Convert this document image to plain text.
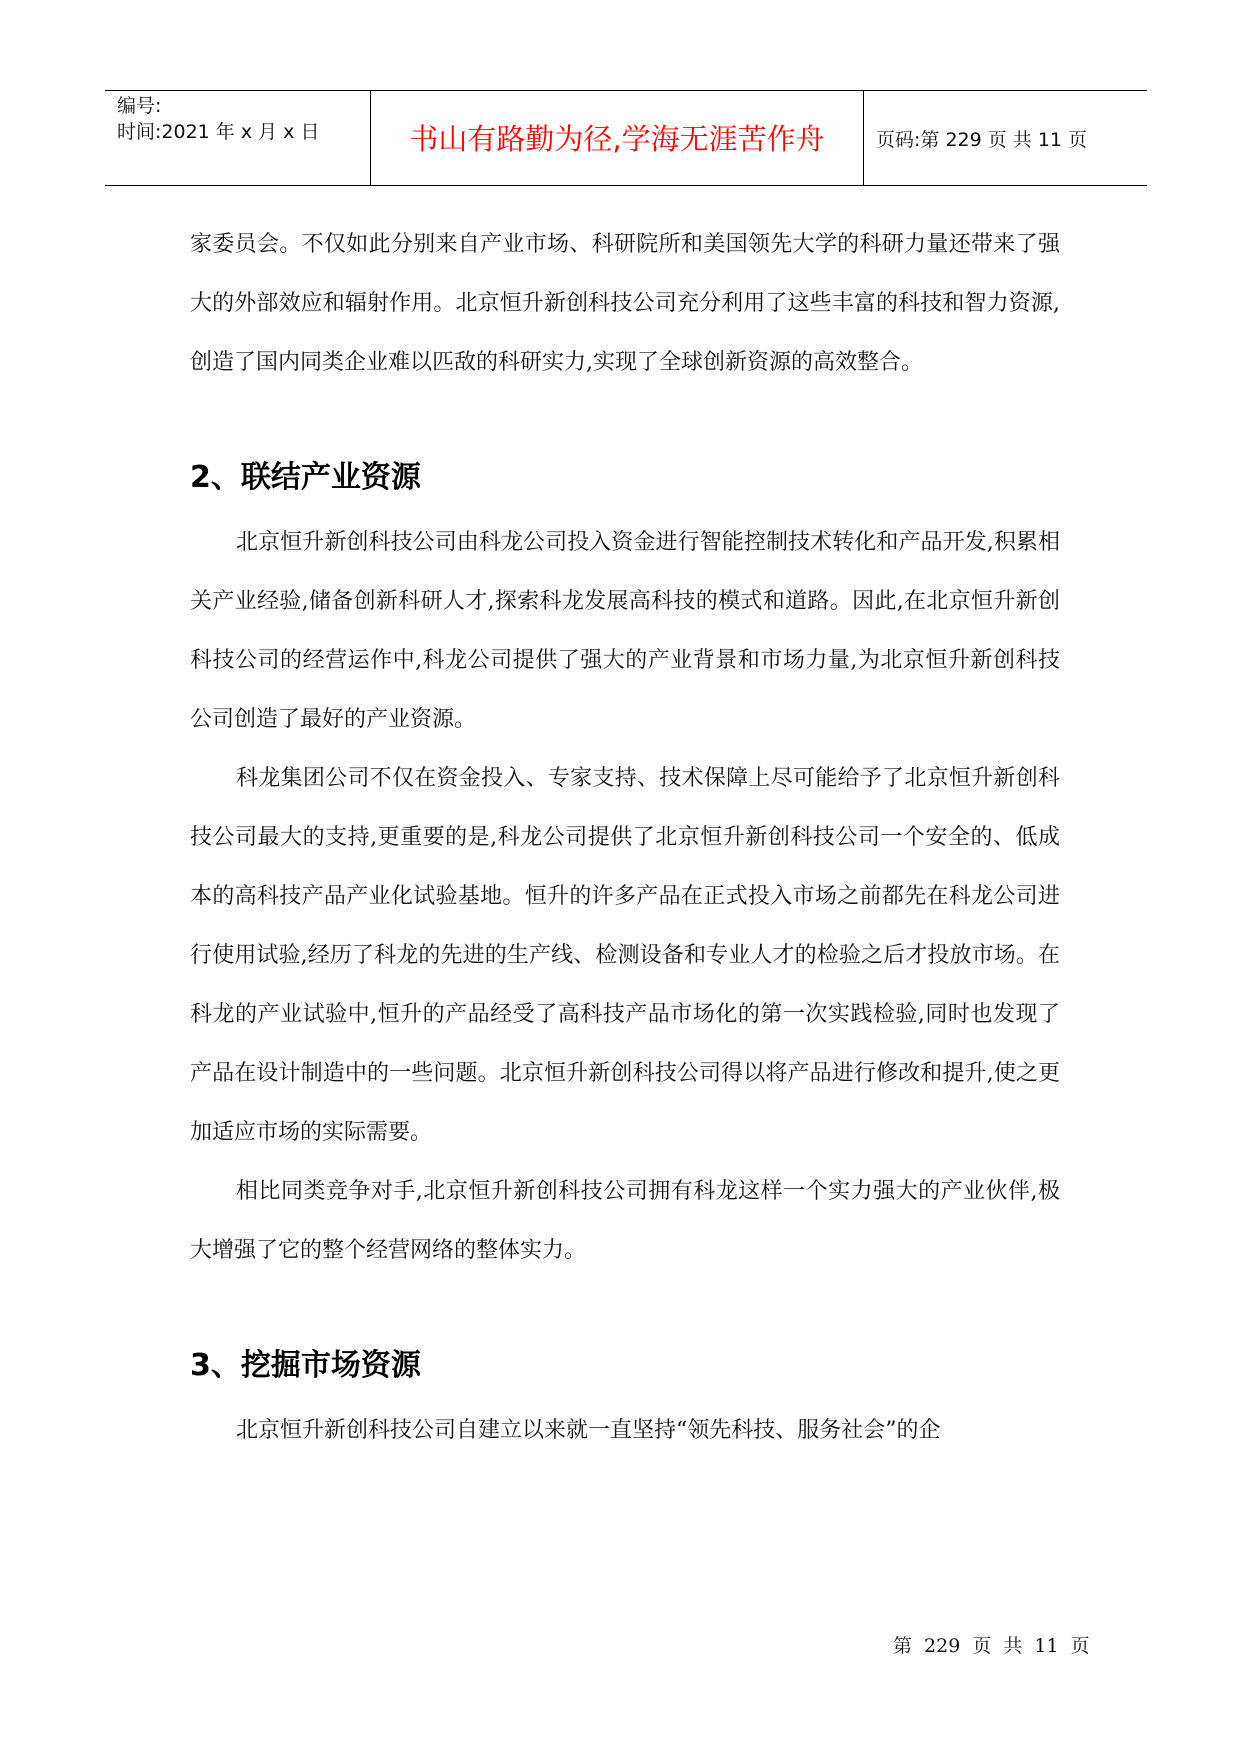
编号:
时间:2021 年 x 月 x 日	书山有路勤为径,学海无涯苦作舟	页码:第 229 页 共 11 页

家委员会。不仅如此分别来自产业市场、科研院所和美国领先大学的科研力量还带来了强大的外部效应和辐射作用。北京恒升新创科技公司充分利用了这些丰富的科技和智力资源,创造了国内同类企业难以匹敌的科研实力,实现了全球创新资源的高效整合。

2、联结产业资源

北京恒升新创科技公司由科龙公司投入资金进行智能控制技术转化和产品开发,积累相关产业经验,储备创新科研人才,探索科龙发展高科技的模式和道路。因此,在北京恒升新创科技公司的经营运作中,科龙公司提供了强大的产业背景和市场力量,为北京恒升新创科技公司创造了最好的产业资源。

科龙集团公司不仅在资金投入、专家支持、技术保障上尽可能给予了北京恒升新创科技公司最大的支持,更重要的是,科龙公司提供了北京恒升新创科技公司一个安全的、低成本的高科技产品产业化试验基地。恒升的许多产品在正式投入市场之前都先在科龙公司进行使用试验,经历了科龙的先进的生产线、检测设备和专业人才的检验之后才投放市场。在科龙的产业试验中,恒升的产品经受了高科技产品市场化的第一次实践检验,同时也发现了产品在设计制造中的一些问题。北京恒升新创科技公司得以将产品进行修改和提升,使之更加适应市场的实际需要。

相比同类竞争对手,北京恒升新创科技公司拥有科龙这样一个实力强大的产业伙伴,极大增强了它的整个经营网络的整体实力。

3、挖掘市场资源

北京恒升新创科技公司自建立以来就一直坚持“领先科技、服务社会”的企

第 229 页 共 11 页
